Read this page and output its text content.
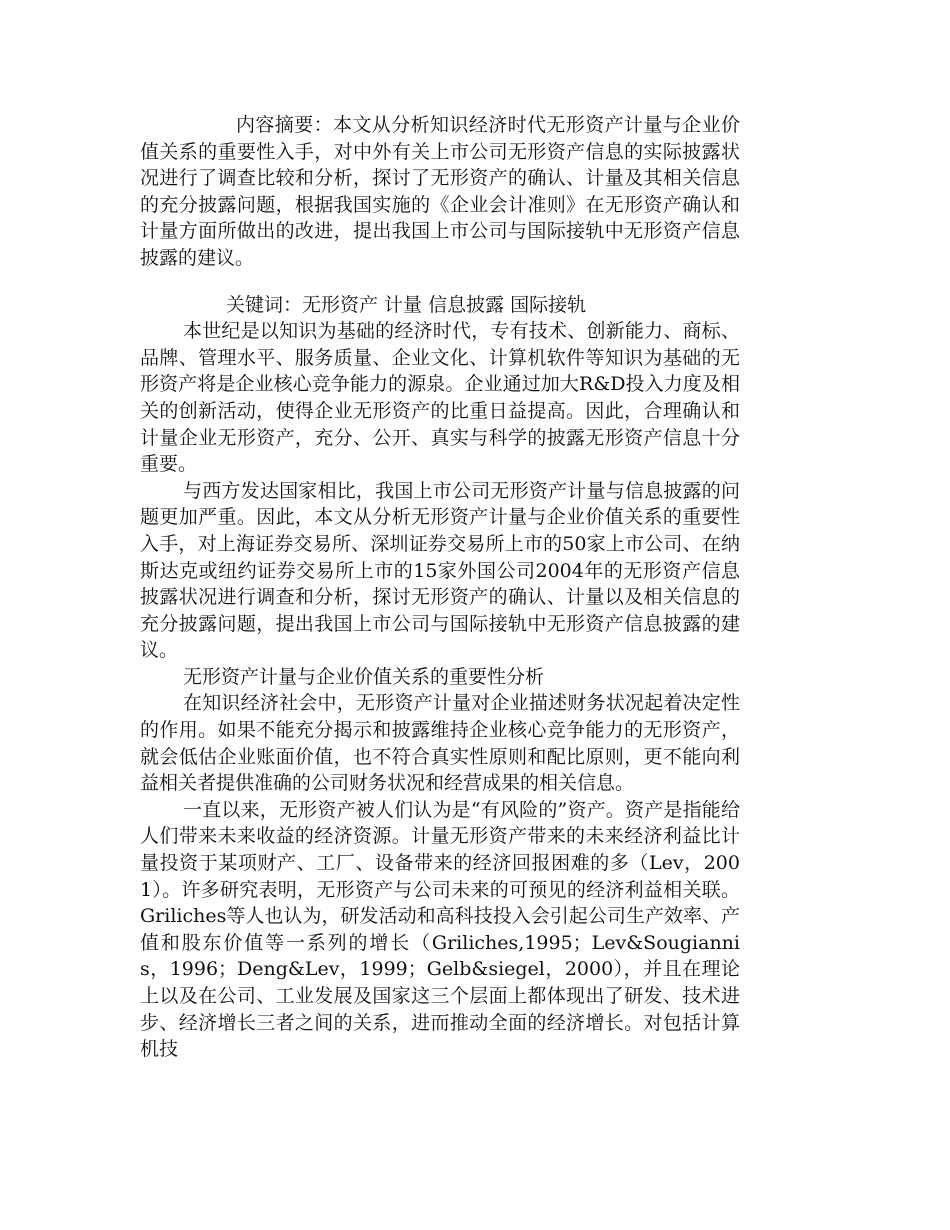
内容摘要：本文从分析知识经济时代无形资产计量与企业价值关系的重要性入手，对中外有关上市公司无形资产信息的实际披露状况进行了调查比较和分析，探讨了无形资产的确认、计量及其相关信息的充分披露问题，根据我国实施的《企业会计准则》在无形资产确认和计量方面所做出的改进，提出我国上市公司与国际接轨中无形资产信息披露的建议。

关键词：无形资产 计量 信息披露 国际接轨

本世纪是以知识为基础的经济时代，专有技术、创新能力、商标、品牌、管理水平、服务质量、企业文化、计算机软件等知识为基础的无形资产将是企业核心竞争能力的源泉。企业通过加大R&D投入力度及相关的创新活动，使得企业无形资产的比重日益提高。因此，合理确认和计量企业无形资产，充分、公开、真实与科学的披露无形资产信息十分重要。

与西方发达国家相比，我国上市公司无形资产计量与信息披露的问题更加严重。因此，本文从分析无形资产计量与企业价值关系的重要性入手，对上海证券交易所、深圳证券交易所上市的50家上市公司、在纳斯达克或纽约证券交易所上市的15家外国公司2004年的无形资产信息披露状况进行调查和分析，探讨无形资产的确认、计量以及相关信息的充分披露问题，提出我国上市公司与国际接轨中无形资产信息披露的建议。

无形资产计量与企业价值关系的重要性分析

在知识经济社会中，无形资产计量对企业描述财务状况起着决定性的作用。如果不能充分揭示和披露维持企业核心竞争能力的无形资产，就会低估企业账面价值，也不符合真实性原则和配比原则，更不能向利益相关者提供准确的公司财务状况和经营成果的相关信息。

一直以来，无形资产被人们认为是“有风险的”资产。资产是指能给人们带来未来收益的经济资源。计量无形资产带来的未来经济利益比计量投资于某项财产、工厂、设备带来的经济回报困难的多（Lev，2001）。许多研究表明，无形资产与公司未来的可预见的经济利益相关联。Griliches等人也认为，研发活动和高科技投入会引起公司生产效率、产值和股东价值等一系列的增长（Griliches,1995；Lev&Sougiannis，1996；Deng&Lev，1999；Gelb&siegel，2000），并且在理论上以及在公司、工业发展及国家这三个层面上都体现出了研发、技术进步、经济增长三者之间的关系，进而推动全面的经济增长。对包括计算机技
